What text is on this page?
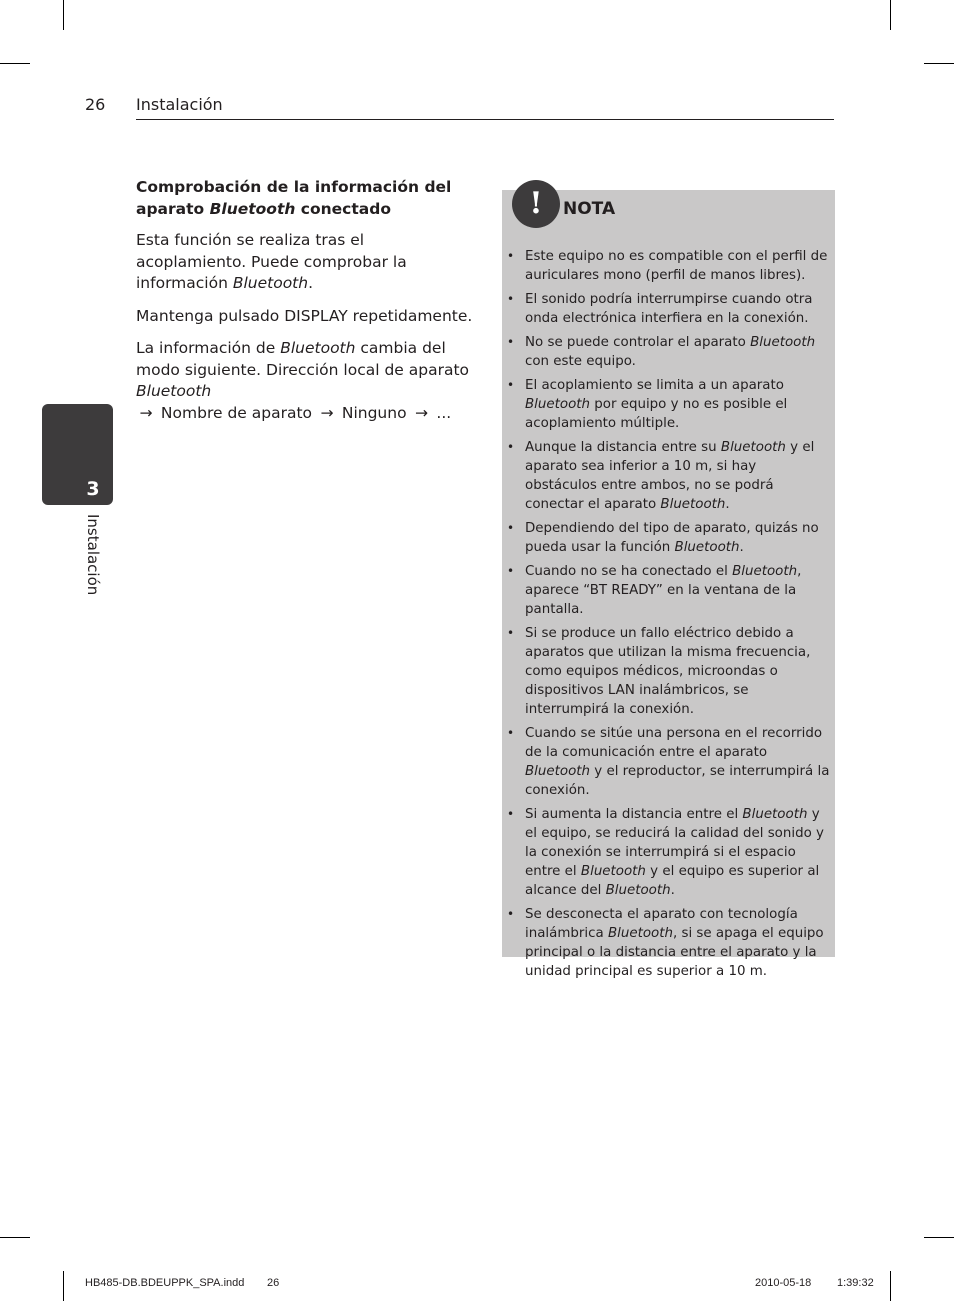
26 Instalación
3
Instalación
Comprobación de la información del aparato Bluetooth conectado

Esta función se realiza tras el acoplamiento. Puede comprobar la información Bluetooth.

Mantenga pulsado DISPLAY repetidamente.

La información de Bluetooth cambia del modo siguiente. Dirección local de aparato Bluetooth
→ Nombre de aparato → Ninguno → ...

!	NOTA
• Este equipo no es compatible con el perfil de auriculares mono (perfil de manos libres).
• El sonido podría interrumpirse cuando otra onda electrónica interfiera en la conexión.
• No se puede controlar el aparato Bluetooth con este equipo.
• El acoplamiento se limita a un aparato Bluetooth por equipo y no es posible el acoplamiento múltiple.
• Aunque la distancia entre su Bluetooth y el aparato sea inferior a 10 m, si hay obstáculos entre ambos, no se podrá conectar el aparato Bluetooth.
• Dependiendo del tipo de aparato, quizás no pueda usar la función Bluetooth.
• Cuando no se ha conectado el Bluetooth, aparece “BT READY” en la ventana de la pantalla.
• Si se produce un fallo eléctrico debido a aparatos que utilizan la misma frecuencia, como equipos médicos, microondas o dispositivos LAN inalámbricos, se interrumpirá la conexión.
• Cuando se sitúe una persona en el recorrido de la comunicación entre el aparato Bluetooth y el reproductor, se interrumpirá la conexión.
• Si aumenta la distancia entre el Bluetooth y el equipo, se reducirá la calidad del sonido y la conexión se interrumpirá si el espacio entre el Bluetooth y el equipo es superior al alcance del Bluetooth.
• Se desconecta el aparato con tecnología inalámbrica Bluetooth, si se apaga el equipo principal o la distancia entre el aparato y la unidad principal es superior a 10 m.
HB485-DB.BDEUPPK_SPA.indd 26	2010-05-18 1:39:32
